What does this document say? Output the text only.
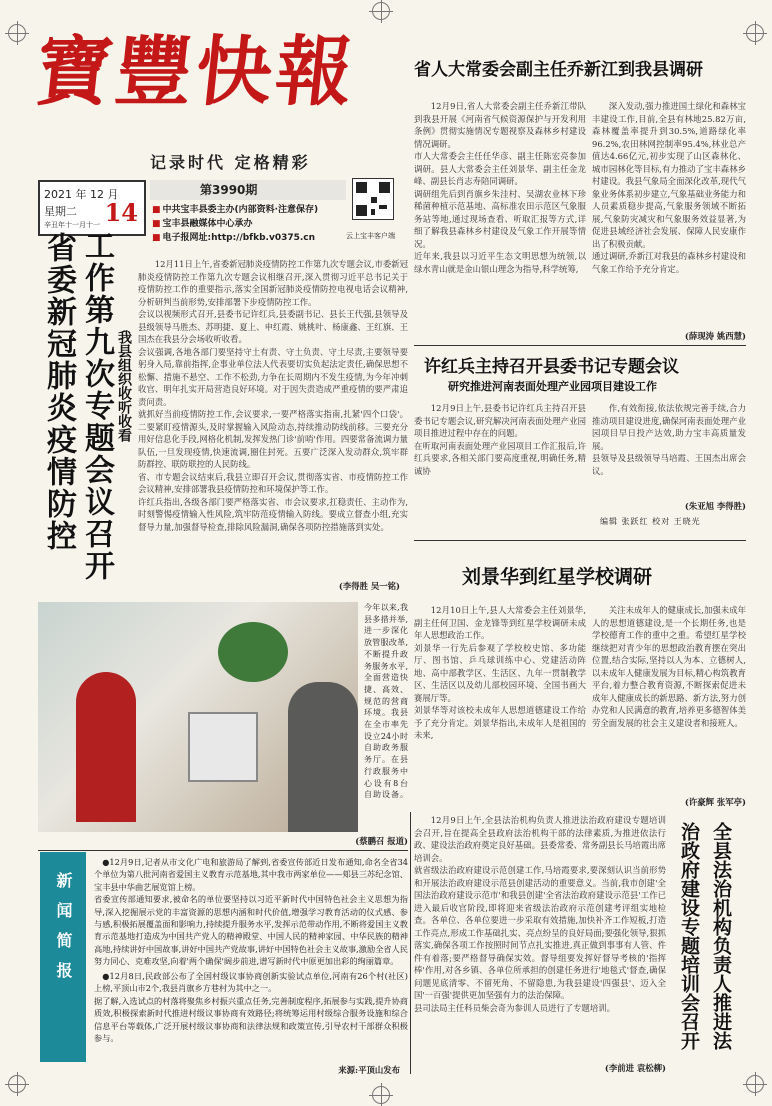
寶豐快報
记录时代 定格精彩
2021 年 12 月
星期二
辛丑年十一月十一 14
第3990期
■ 中共宝丰县委主办(内部资料·注意保存)
■ 宝丰县融媒体中心承办
■ 电子报网址:http://bfkb.v0375.cn	云上宝丰客户端
省人大常委会副主任乔新江到我县调研
12月9日,省人大常委会副主任乔新江带队到我县开展《河南省气候资源保护与开发利用条例》贯彻实施情况专题视察及森林乡村建设情况调研。
市人大常委会主任任华彦、副主任陈宏亮参加调研。县人大常委会主任刘景华、副主任金龙峰、副县长肖志寿陪同调研。
调研组先后到肖旗乡朱洼村、吴湖农业林下珍稀菌种植示范基地、高标准农田示范区气象服务站等地,通过现场查看、听取汇报等方式,详细了解我县森林乡村建设及气象工作开展等情况。
近年来,我县以习近平生态文明思想为统领,以绿水青山就是金山银山理念为指导,科学统筹,
深入发动,强力推进国土绿化和森林宝丰建设工作,目前,全县有林地25.82万亩,森林覆盖率提升到30.5%,道路绿化率96.2%,农田林网控制率95.4%,林业总产值达4.66亿元,初步实现了山区森林化、城市园林化等目标,有力推动了宝丰森林乡村建设。我县气象局全面深化改革,现代气象业务体系初步建立,气象基础业务能力和人员素质稳步提高,气象服务领域不断拓展,气象防灾减灾和气象服务效益显著,为促进县域经济社会发展、保障人民安康作出了积极贡献。
通过调研,乔新江对我县的森林乡村建设和气象工作给予充分肯定。
(薛现涛 姚西慧)
许红兵主持召开县委书记专题会议
研究推进河南表面处理产业园项目建设工作
12月9日上午,县委书记许红兵主持召开县委书记专题会议,研究解决河南表面处理产业园项目推进过程中存在的问题。
在听取河南表面处理产业园项目工作汇报后,许红兵要求,各相关部门要高度重视,明确任务,精诚协
作,有效衔接,依法依规完善手续,合力推动项目建设进度,确保河南表面处理产业园项目早日投产达效,助力宝丰高质量发展。
县领导及县级领导马培霞、王国杰出席会议。
(朱亚旭 李得胜)
编辑 张跃红 校对 王晓光
刘景华到红星学校调研
12月10日上午,县人大常委会主任刘景华,副主任何卫国、金龙锋等到红星学校调研未成年人思想政治工作。
刘景华一行先后参观了学校校史馆、多功能厅、图书馆、乒乓球训练中心、党建活动阵地、高中部教学区、生活区、九年一贯制教学区、生活区以及幼儿部校园环境、全国书画大赛展厅等。
刘景华等对该校未成年人思想道德建设工作给予了充分肯定。刘景华指出,未成年人是祖国的未来,
关注未成年人的健康成长,加强未成年人的思想道德建设,是一个长期任务,也是学校德育工作的重中之重。希望红星学校继续把对青少年的思想政治教育摆在突出位置,结合实际,坚持以人为本、立德树人,以未成年人健康发展为目标,精心构筑教育平台,着力整合教育资源,不断探索促进未成年人健康成长的新思路、新方法,努力创办党和人民满意的教育,培养更多德智体美劳全面发展的社会主义建设者和接班人。
(许豪辉 张军亭)
工作第九次专题会议召开
省委新冠肺炎疫情防控	我县组织收听收看
12月11日上午,省委新冠肺炎疫情防控工作第九次专题会议,市委新冠肺炎疫情防控工作第九次专题会议相继召开,深入贯彻习近平总书记关于疫情防控工作的重要指示,落实全国新冠肺炎疫情防控电视电话会议精神,分析研判当前形势,安排部署下步疫情防控工作。
会议以视频形式召开,县委书记许红兵,县委副书记、县长王代强,县领导及县级领导马胜杰、苏明捷、夏上、申红霞、姚桃叶、杨康鑫、王红旗、王国杰在我县分会场收听收看。
会议强调,各地各部门要坚持守土有责、守土负责、守土尽责,主要领导要躬身入局,靠前指挥,企事业单位法人代表要切实负起法定责任,确保思想不松懈、措施不悬空、工作不松劲,力争在长周期内不发生疫情,为今年冲刺收官、明年扎实开局营造良好环境。对于因失责造成严重疫情的要严肃追责问责。
就抓好当前疫情防控工作,会议要求,一要严格落实指南,扎紧'四个口袋'。二要紧盯疫情源头,及时掌握输入风险动态,持续推动防线前移。三要充分用好信息化手段,网格化机制,发挥发热门诊'前哨'作用。四要常备流调力量队伍,一旦发现疫情,快速流调,圈住封死。五要广泛深入发动群众,筑牢群防群控、联防联控的人民防线。
省、市专题会议结束后,我县立即召开会议,贯彻落实省、市疫情防控工作会议精神,安排部署我县疫情防控和环境保护等工作。
许红兵指出,各级各部门要严格落实省、市会议要求,扛稳责任、主动作为,时刻警惕疫情输入性风险,筑牢防范疫情输入防线。要成立督查小组,充实督导力量,加强督导检查,排除风险漏洞,确保各项防控措施落到实处。
(李得胜 吴一铭)
今年以来,我县多措并举,进一步深化放管服改革,不断提升政务服务水平,全面营造快捷、高效、规范的营商环境。我县在全市率先设立24小时自助政务服务厅。在县行政服务中心设有8台自助设备。
(蔡鹏召 报道)
新闻简报
●12月9日,记者从市文化广电和旅游局了解到,省委宣传部近日发布通知,命名全省34个单位为第八批河南省爱国主义教育示范基地,其中我市两家单位——郏县三苏纪念馆、宝丰县中华曲艺展览馆上榜。
省委宣传部通知要求,被命名的单位要坚持以习近平新时代中国特色社会主义思想为指导,深入挖掘展示党的丰富资源的思想内涵和时代价值,增强学习教育活动的仪式感、参与感,积极拓展覆盖面和影响力,持续提升服务水平,发挥示范带动作用,不断将爱国主义教育示范基地打造成为中国共产党人的精神殿堂、中国人民的精神家园、中华民族的精神高地,持续讲好中国故事,讲好中国共产党故事,讲好中国特色社会主义故事,激励全省人民努力同心、克难攻坚,向着'两个确保'阔步前进,谱写新时代中原更加出彩的绚丽篇章。
●12月8日,民政部公布了全国村级议事协商创新实验试点单位,河南有26个村(社区)上榜,平顶山市2个,我县肖旗乡方巷村为其中之一。
据了解,入选试点的村落将聚焦乡村振兴重点任务,完善制度程序,拓展参与实践,提升协商质效,积极探索新时代推进村级议事协商有效路径;将统筹运用村级综合服务设施和综合信息平台等载体,广泛开展村级议事协商和法律法规和政策宣传,引导农村干部群众积极参与。
来源:平顶山发布
12月9日上午,全县法治机构负责人推进法治政府建设专题培训会召开,旨在提高全县政府法治机构干部的法律素质,为推进依法行政、建设法治政府奠定良好基础。县委常委、常务副县长马培霞出席培训会。
就省级法治政府建设示范创建工作,马培霞要求,要深刻认识当前形势和开展法治政府建设示范县创建活动的重要意义。当前,我市创建'全国法治政府建设示范市'和我县创建'全省法治政府建设示范县'工作已进入最后收官阶段,即将迎来省级法治政府示范创建考评组实地检查。各单位、各单位要进一步采取有效措施,加快补齐工作短板,打造工作亮点,形成工作基础扎实、亮点纷呈的良好局面;要强化领导,狠抓落实,确保各项工作按照时间节点扎实推进,真正做到事事有人管、件件有着落;要严格督导确保实效。督导组要发挥好督导考核的'指挥棒'作用,对各乡镇、各单位所承担的创建任务进行'地毯式'督查,确保问题见底清零、不留死角、不留隐患,为我县建设'四强县'、迈入全国'一百强'提供更加坚强有力的法治保障。
县司法局主任科员柴会奇为参训人员进行了专题培训。
(李前进 袁松柳)
全县法治机构负责人推进法
治政府建设专题培训会召开
